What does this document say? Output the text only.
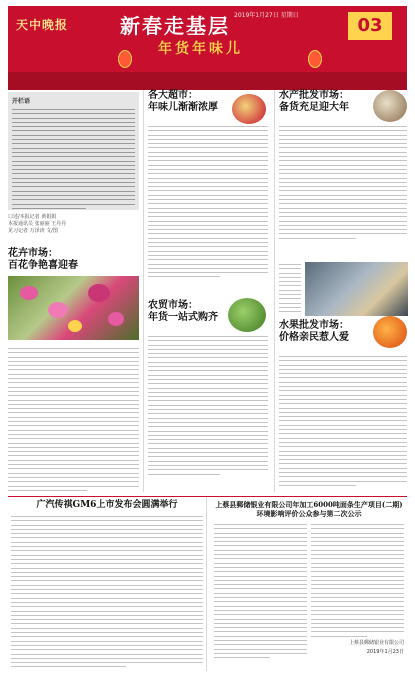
天中晚报	新春走基层
年货年味儿
2019年1月27日 星期日	03
开栏语
口述/本报记者 黄娟娟
本报通讯员 张丽丽 王丹丹
见习记者 万泽涛 文/图
花卉市场：
百花争艳喜迎春
各大超市：
年味儿渐渐浓厚
农贸市场：
年货一站式购齐
水产批发市场：
备货充足迎大年
水果批发市场：
价格亲民惹人爱
广汽传祺GM6上市发布会圆满举行	上蔡县郵储银业有限公司年加工6000吨面条生产项目(二期)
环境影响评价公众参与第二次公示
上蔡县郵储银业有限公司
2019年1月23日
